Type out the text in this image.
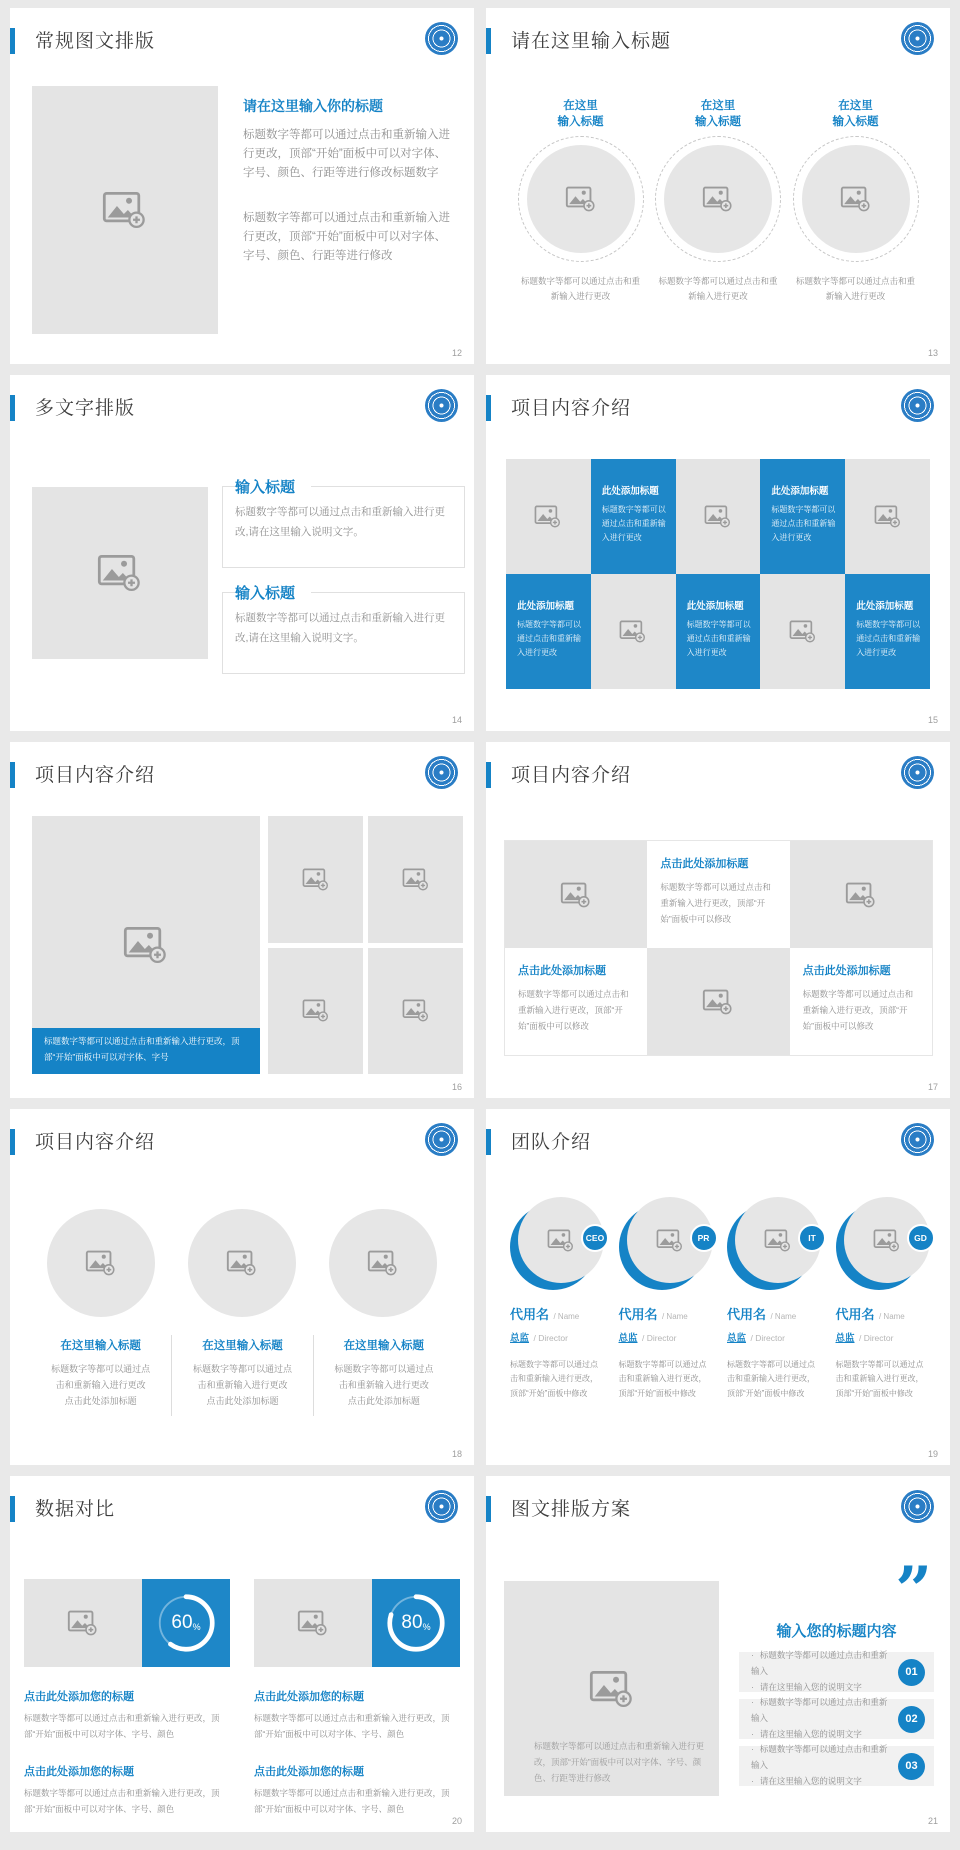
常规图文排版
请在这里输入你的标题

标题数字等都可以通过点击和重新输入进行更改，顶部“开始”面板中可以对字体、字号、颜色、行距等进行修改标题数字

标题数字等都可以通过点击和重新输入进行更改，顶部“开始”面板中可以对字体、字号、颜色、行距等进行修改

12
请在这里输入标题
在这里
输入标题

标题数字等都可以通过点击和重新输入进行更改

在这里
输入标题

标题数字等都可以通过点击和重新输入进行更改

在这里
输入标题

标题数字等都可以通过点击和重新输入进行更改

13
多文字排版
输入标题

标题数字等都可以通过点击和重新输入进行更改,请在这里输入说明文字。

输入标题

标题数字等都可以通过点击和重新输入进行更改,请在这里输入说明文字。

14
项目内容介绍
此处添加标题
标题数字等都可以通过点击和重新输入进行更改
此处添加标题
标题数字等都可以通过点击和重新输入进行更改
此处添加标题
标题数字等都可以通过点击和重新输入进行更改
此处添加标题
标题数字等都可以通过点击和重新输入进行更改
此处添加标题
标题数字等都可以通过点击和重新输入进行更改
15
项目内容介绍
标题数字等都可以通过点击和重新输入进行更改，顶部“开始”面板中可以对字体、字号
16
项目内容介绍
点击此处添加标题

标题数字等都可以通过点击和重新输入进行更改，顶部“开始”面板中可以修改

点击此处添加标题

标题数字等都可以通过点击和重新输入进行更改，顶部“开始”面板中可以修改

点击此处添加标题

标题数字等都可以通过点击和重新输入进行更改，顶部“开始”面板中可以修改

17
项目内容介绍
在这里输入标题

标题数字等都可以通过点
击和重新输入进行更改
点击此处添加标题

在这里输入标题

标题数字等都可以通过点
击和重新输入进行更改
点击此处添加标题

在这里输入标题

标题数字等都可以通过点
击和重新输入进行更改
点击此处添加标题

18
团队介绍
CEO
代用名 / Name
总监 / Director

标题数字等都可以通过点击和重新输入进行更改，顶部“开始”面板中修改

PR
代用名 / Name
总监 / Director

标题数字等都可以通过点击和重新输入进行更改，顶部“开始”面板中修改

IT
代用名 / Name
总监 / Director

标题数字等都可以通过点击和重新输入进行更改，顶部“开始”面板中修改

GD
代用名 / Name
总监 / Director

标题数字等都可以通过点击和重新输入进行更改，顶部“开始”面板中修改

19
数据对比
60 %
点击此处添加您的标题

标题数字等都可以通过点击和重新输入进行更改，顶部“开始”面板中可以对字体、字号、颜色

点击此处添加您的标题

标题数字等都可以通过点击和重新输入进行更改，顶部“开始”面板中可以对字体、字号、颜色

80 %
点击此处添加您的标题

标题数字等都可以通过点击和重新输入进行更改，顶部“开始”面板中可以对字体、字号、颜色

点击此处添加您的标题

标题数字等都可以通过点击和重新输入进行更改，顶部“开始”面板中可以对字体、字号、颜色

20
图文排版方案

标题数字等都可以通过点击和重新输入进行更改，顶部“开始”面板中可以对字体、字号、颜色、行距等进行修改

”
输入您的标题内容
· 标题数字等都可以通过点击和重新输入
· 请在这里输入您的说明文字
01
· 标题数字等都可以通过点击和重新输入
· 请在这里输入您的说明文字
02
· 标题数字等都可以通过点击和重新输入
· 请在这里输入您的说明文字
03
21
